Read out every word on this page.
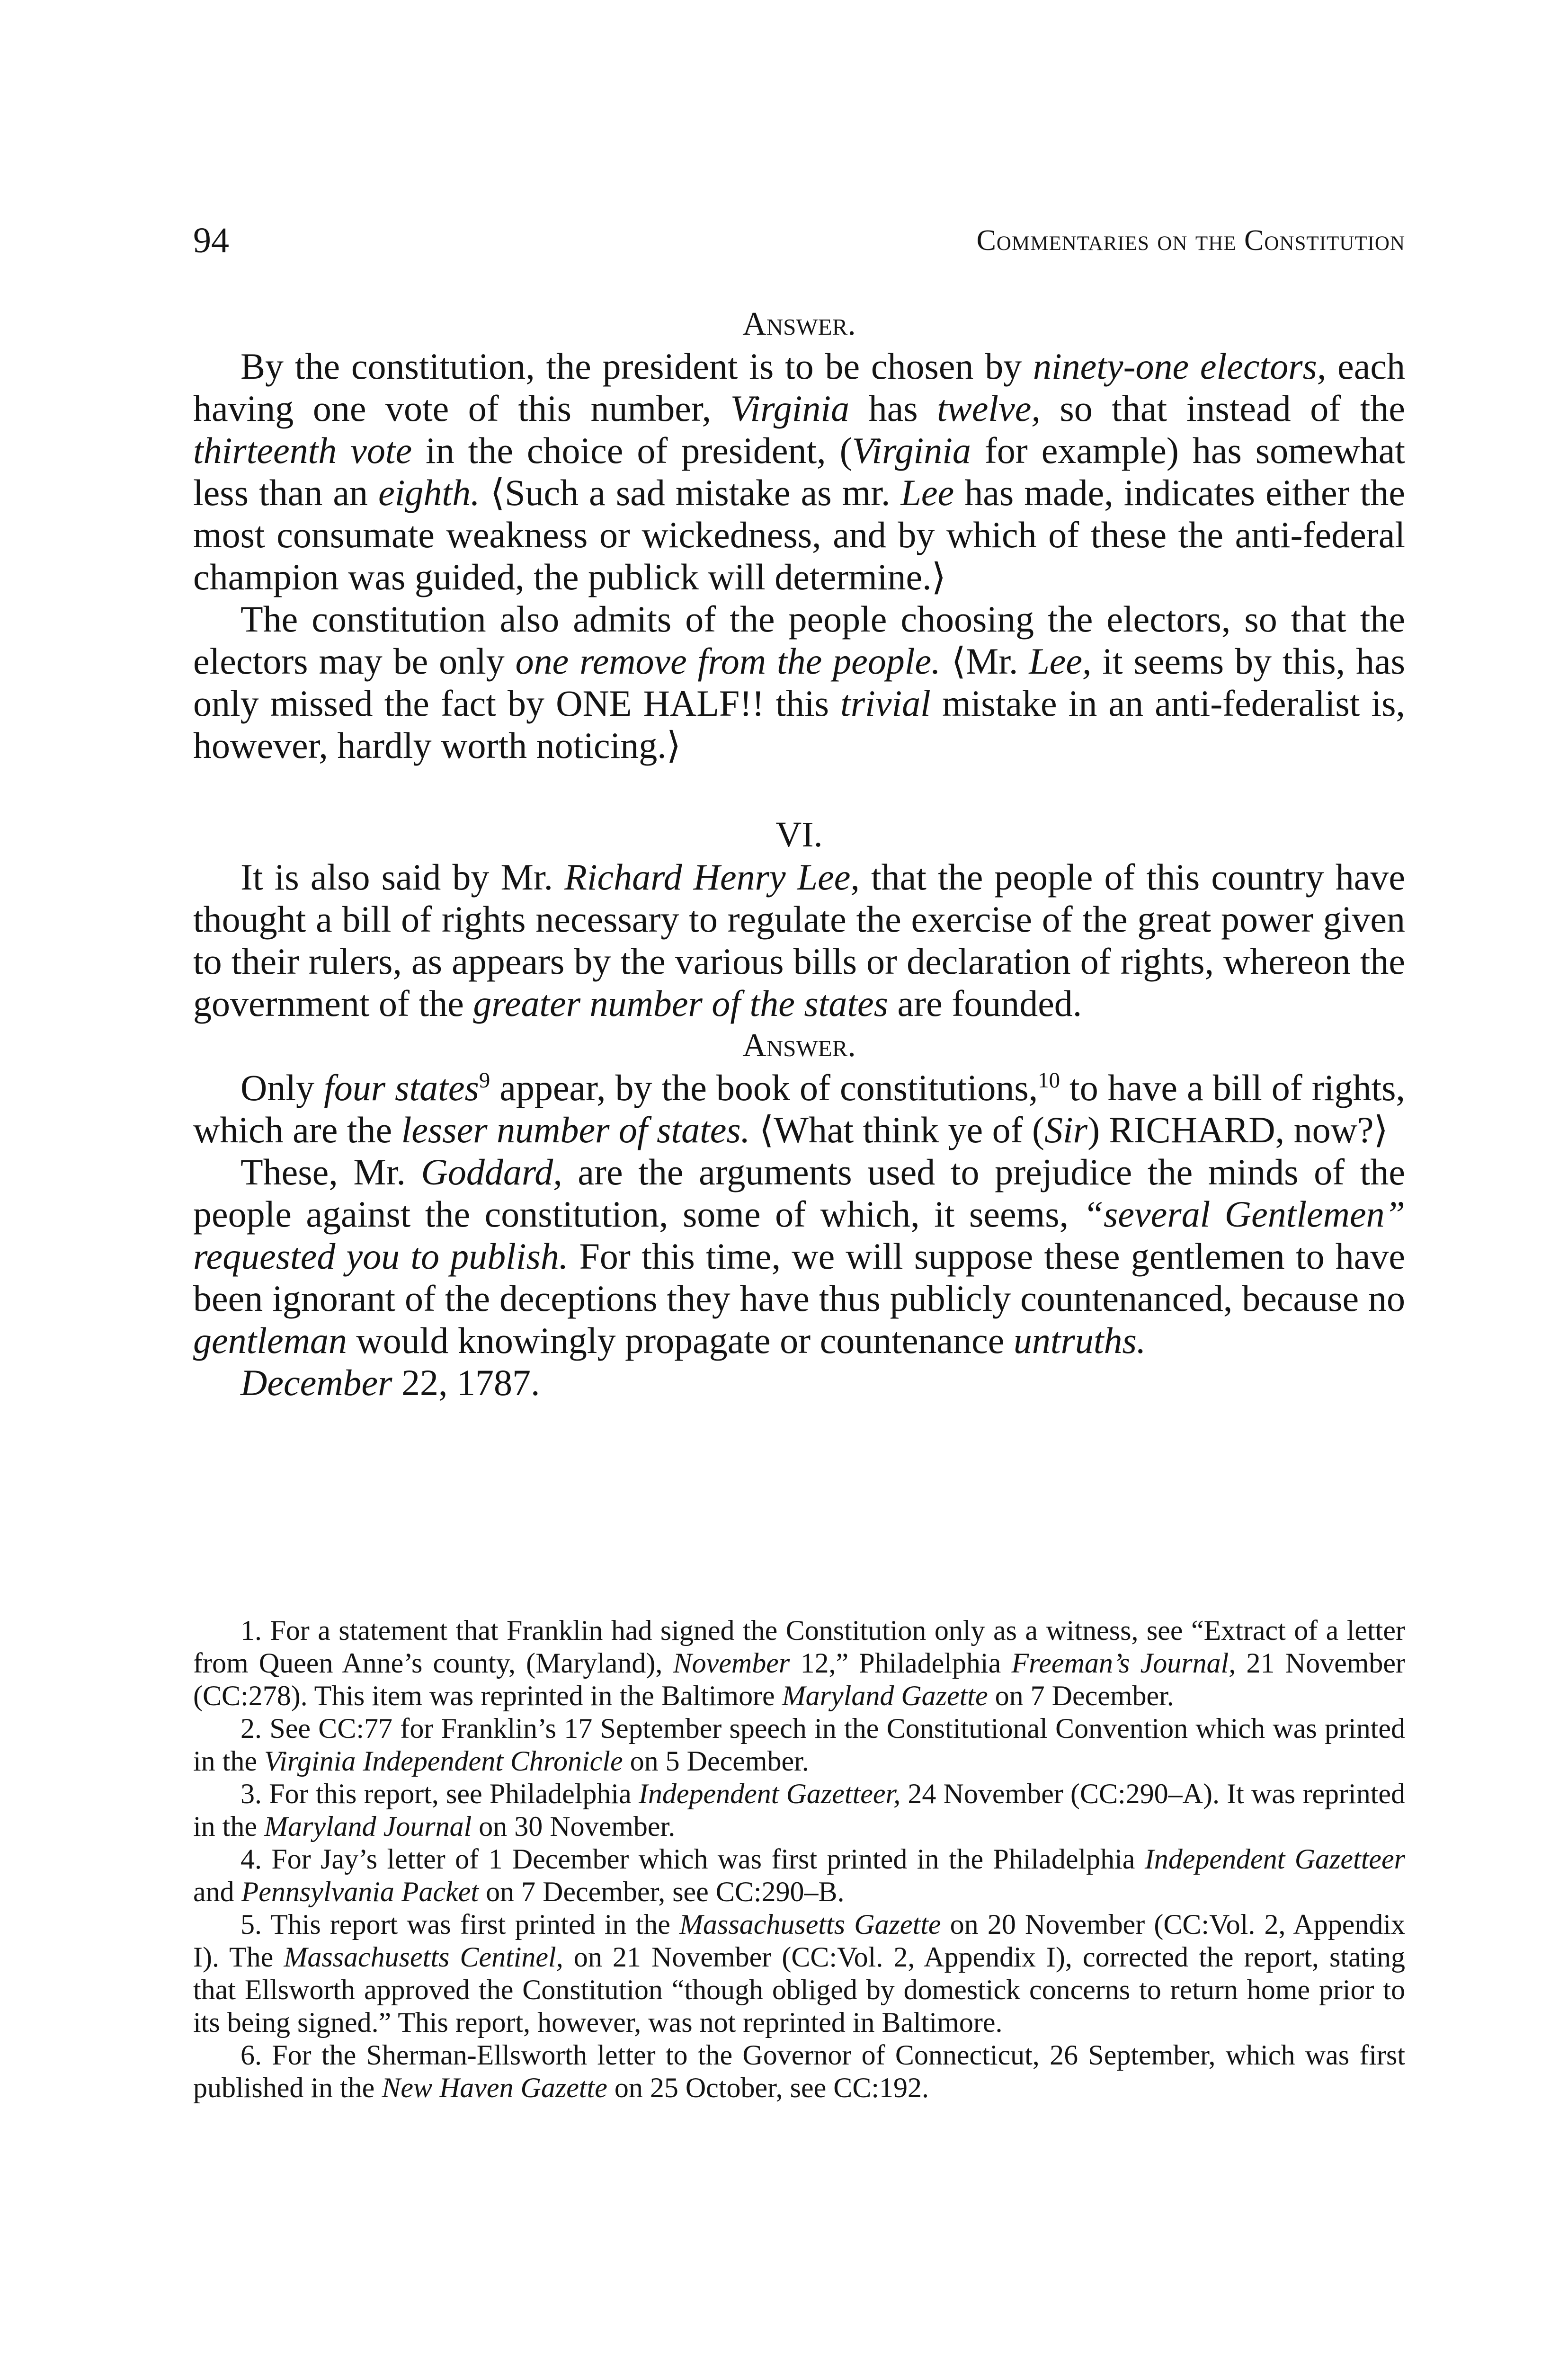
94	Commentaries on the Constitution

Answer.

By the constitution, the president is to be chosen by ninety-one electors, each having one vote of this number, Virginia has twelve, so that instead of the thirteenth vote in the choice of president, (Virginia for example) has somewhat less than an eighth. ⟨Such a sad mistake as mr. Lee has made, indicates either the most consumate weakness or wickedness, and by which of these the anti-federal champion was guided, the publick will determine.⟩

The constitution also admits of the people choosing the electors, so that the electors may be only one remove from the people. ⟨Mr. Lee, it seems by this, has only missed the fact by ONE HALF!! this trivial mistake in an anti-federalist is, however, hardly worth noticing.⟩

VI.

It is also said by Mr. Richard Henry Lee, that the people of this country have thought a bill of rights necessary to regulate the exercise of the great power given to their rulers, as appears by the various bills or declaration of rights, whereon the government of the greater number of the states are founded.

Answer.

Only four states$^9$ appear, by the book of constitutions,$^{10}$ to have a bill of rights, which are the lesser number of states. ⟨What think ye of (Sir) RICHARD, now?⟩

These, Mr. Goddard, are the arguments used to prejudice the minds of the people against the constitution, some of which, it seems, “several Gentlemen” requested you to publish. For this time, we will suppose these gentlemen to have been ignorant of the deceptions they have thus publicly countenanced, because no gentleman would knowingly propagate or countenance untruths.

December 22, 1787.

1. For a statement that Franklin had signed the Constitution only as a witness, see “Extract of a letter from Queen Anne’s county, (Maryland), November 12,” Philadelphia Freeman’s Journal, 21 November (CC:278). This item was reprinted in the Baltimore Maryland Gazette on 7 December.

2. See CC:77 for Franklin’s 17 September speech in the Constitutional Convention which was printed in the Virginia Independent Chronicle on 5 December.

3. For this report, see Philadelphia Independent Gazetteer, 24 November (CC:290–A). It was reprinted in the Maryland Journal on 30 November.

4. For Jay’s letter of 1 December which was first printed in the Philadelphia Independent Gazetteer and Pennsylvania Packet on 7 December, see CC:290–B.

5. This report was first printed in the Massachusetts Gazette on 20 November (CC:Vol. 2, Appendix I). The Massachusetts Centinel, on 21 November (CC:Vol. 2, Appendix I), corrected the report, stating that Ellsworth approved the Constitution “though obliged by domestick concerns to return home prior to its being signed.” This report, however, was not reprinted in Baltimore.

6. For the Sherman-Ellsworth letter to the Governor of Connecticut, 26 September, which was first published in the New Haven Gazette on 25 October, see CC:192.
